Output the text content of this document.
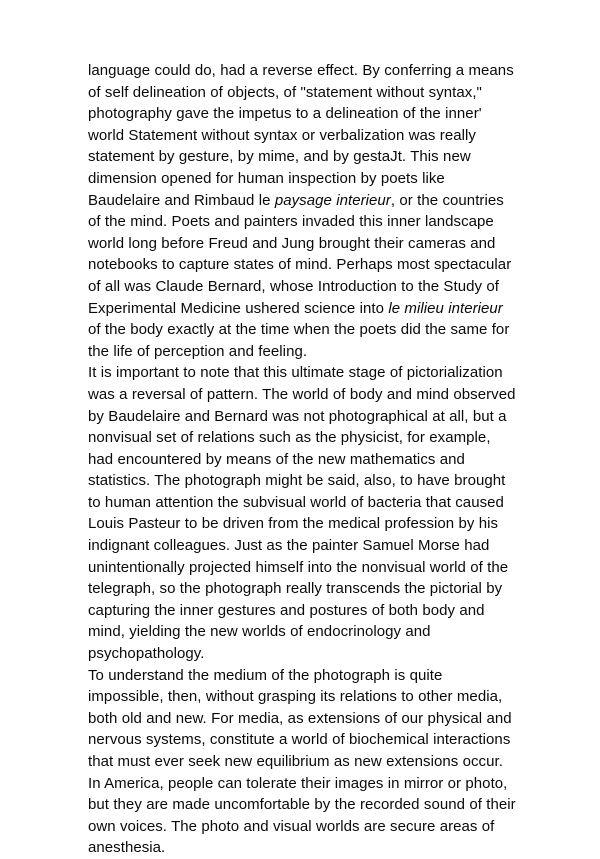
language could do, had a reverse effect. By conferring a means of self delineation of objects, of "statement without syntax," photography gave the impetus to a delineation of the inner' world Statement without syntax or verbalization was really statement by gesture, by mime, and by gestaJt. This new dimension opened for human inspection by poets like Baudelaire and Rimbaud le paysage interieur, or the countries of the mind. Poets and painters invaded this inner landscape world long before Freud and Jung brought their cameras and notebooks to capture states of mind. Perhaps most spectacular of all was Claude Bernard, whose Introduction to the Study of Experimental Medicine ushered science into le milieu interieur of the body exactly at the time when the poets did the same for the life of perception and feeling.

It is important to note that this ultimate stage of pictorialization was a reversal of pattern. The world of body and mind observed by Baudelaire and Bernard was not photographical at all, but a nonvisual set of relations such as the physicist, for example, had encountered by means of the new mathematics and statistics. The photograph might be said, also, to have brought to human attention the subvisual world of bacteria that caused Louis Pasteur to be driven from the medical profession by his indignant colleagues. Just as the painter Samuel Morse had unintentionally projected himself into the nonvisual world of the telegraph, so the photograph really transcends the pictorial by capturing the inner gestures and postures of both body and mind, yielding the new worlds of endocrinology and psychopathology.

To understand the medium of the photograph is quite impossible, then, without grasping its relations to other media, both old and new. For media, as extensions of our physical and nervous systems, constitute a world of biochemical interactions that must ever seek new equilibrium as new extensions occur. In America, people can tolerate their images in mirror or photo, but they are made uncomfortable by the recorded sound of their own voices. The photo and visual worlds are secure areas of anesthesia.
